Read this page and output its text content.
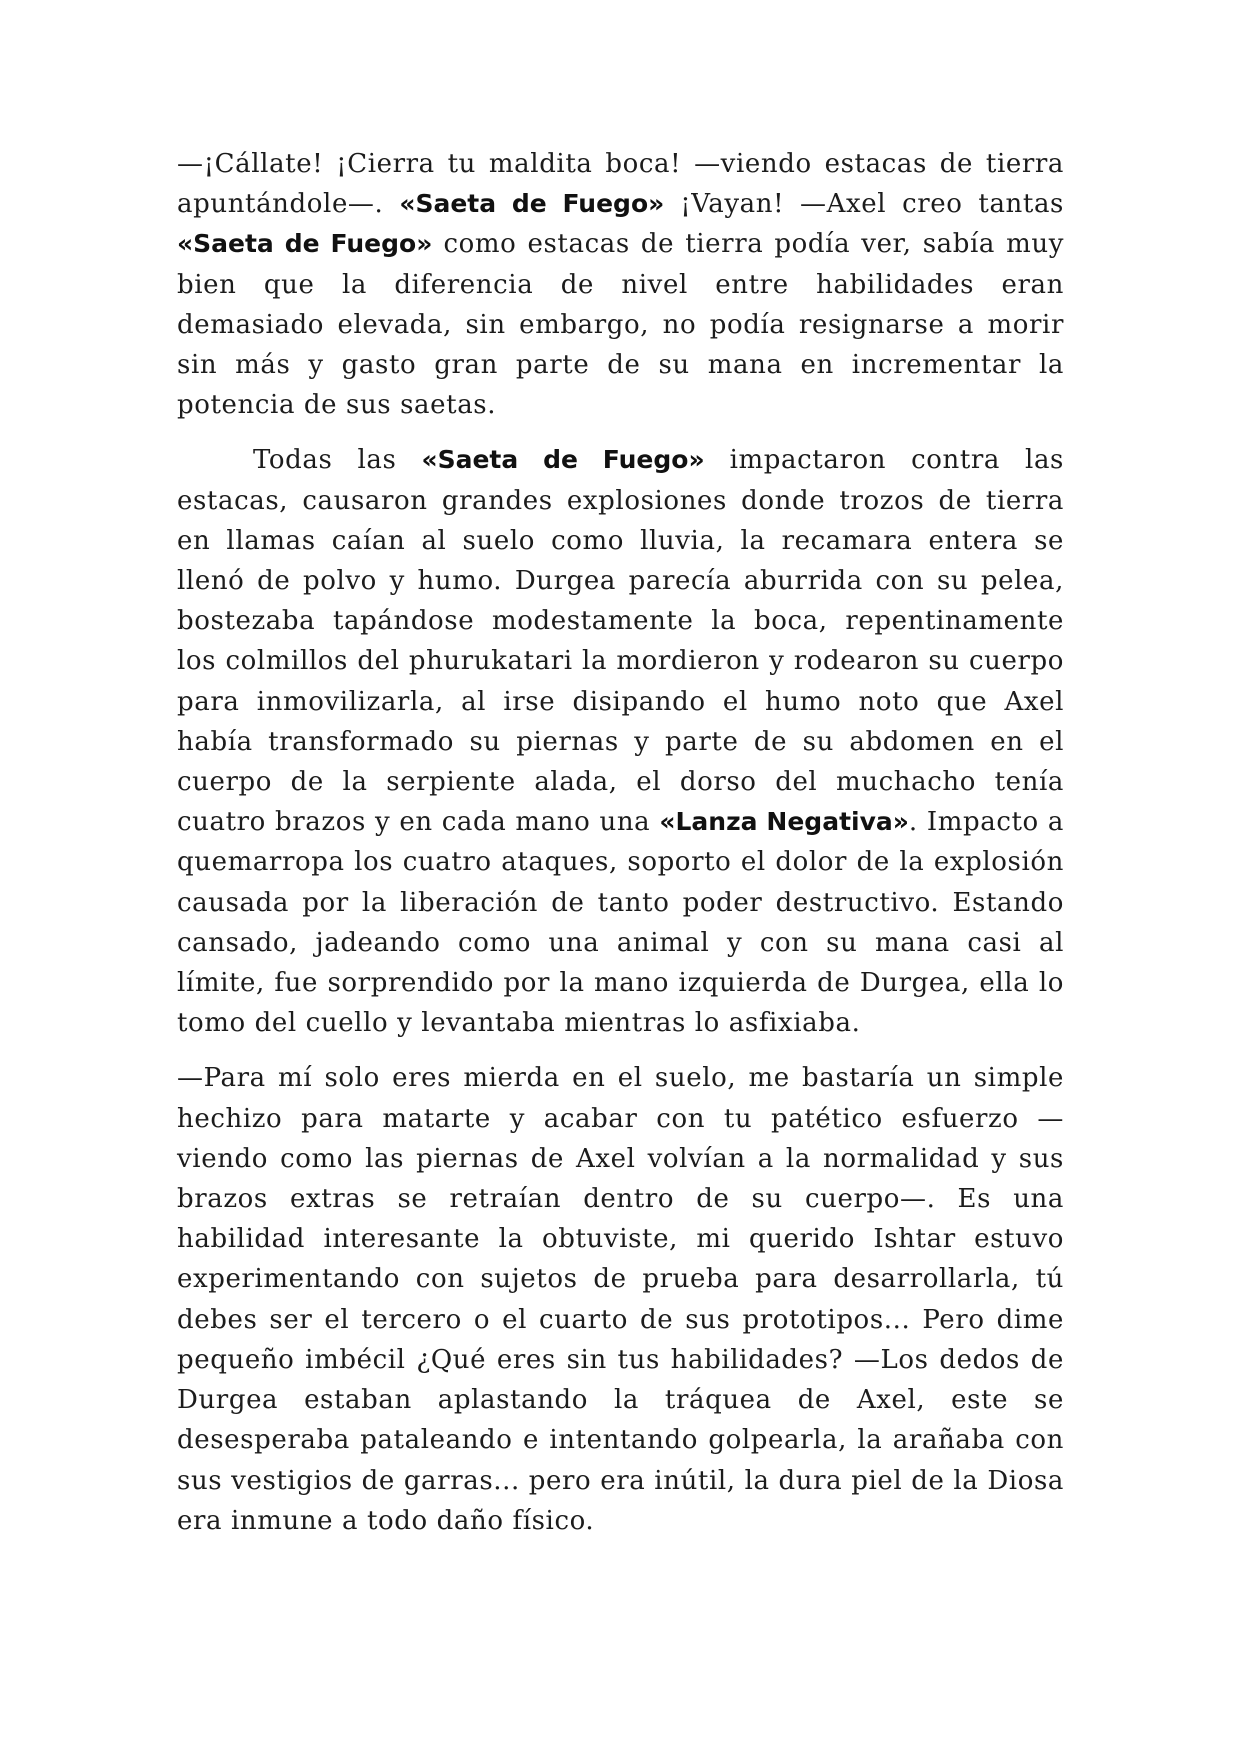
—¡Cállate! ¡Cierra tu maldita boca! —viendo estacas de tierra apuntándole—. «Saeta de Fuego» ¡Vayan! —Axel creo tantas «Saeta de Fuego» como estacas de tierra podía ver, sabía muy bien que la diferencia de nivel entre habilidades eran demasiado elevada, sin embargo, no podía resignarse a morir sin más y gasto gran parte de su mana en incrementar la potencia de sus saetas.

Todas las «Saeta de Fuego» impactaron contra las estacas, causaron grandes explosiones donde trozos de tierra en llamas caían al suelo como lluvia, la recamara entera se llenó de polvo y humo. Durgea parecía aburrida con su pelea, bostezaba tapándose modestamente la boca, repentinamente los colmillos del phurukatari la mordieron y rodearon su cuerpo para inmovilizarla, al irse disipando el humo noto que Axel había transformado su piernas y parte de su abdomen en el cuerpo de la serpiente alada, el dorso del muchacho tenía cuatro brazos y en cada mano una «Lanza Negativa». Impacto a quemarropa los cuatro ataques, soporto el dolor de la explosión causada por la liberación de tanto poder destructivo. Estando cansado, jadeando como una animal y con su mana casi al límite, fue sorprendido por la mano izquierda de Durgea, ella lo tomo del cuello y levantaba mientras lo asfixiaba.

—Para mí solo eres mierda en el suelo, me bastaría un simple hechizo para matarte y acabar con tu patético esfuerzo —viendo como las piernas de Axel volvían a la normalidad y sus brazos extras se retraían dentro de su cuerpo—. Es una habilidad interesante la obtuviste, mi querido Ishtar estuvo experimentando con sujetos de prueba para desarrollarla, tú debes ser el tercero o el cuarto de sus prototipos... Pero dime pequeño imbécil ¿Qué eres sin tus habilidades? —Los dedos de Durgea estaban aplastando la tráquea de Axel, este se desesperaba pataleando e intentando golpearla, la arañaba con sus vestigios de garras... pero era inútil, la dura piel de la Diosa era inmune a todo daño físico.
